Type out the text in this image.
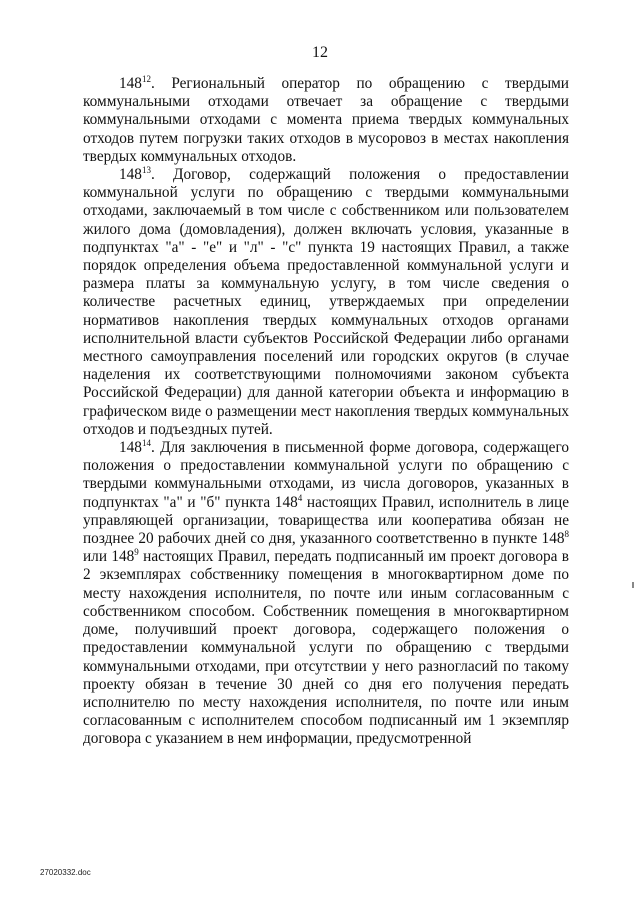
12

$148^{12}$. Региональный оператор по обращению с твердыми коммунальными отходами отвечает за обращение с твердыми коммунальными отходами с момента приема твердых коммунальных отходов путем погрузки таких отходов в мусоровоз в местах накопления твердых коммунальных отходов.

$148^{13}$. Договор, содержащий положения о предоставлении коммунальной услуги по обращению с твердыми коммунальными отходами, заключаемый в том числе с собственником или пользователем жилого дома (домовладения), должен включать условия, указанные в подпунктах "а" - "е" и "л" - "с" пункта 19 настоящих Правил, а также порядок определения объема предоставленной коммунальной услуги и размера платы за коммунальную услугу, в том числе сведения о количестве расчетных единиц, утверждаемых при определении нормативов накопления твердых коммунальных отходов органами исполнительной власти субъектов Российской Федерации либо органами местного самоуправления поселений или городских округов (в случае наделения их соответствующими полномочиями законом субъекта Российской Федерации) для данной категории объекта и информацию в графическом виде о размещении мест накопления твердых коммунальных отходов и подъездных путей.

$148^{14}$. Для заключения в письменной форме договора, содержащего положения о предоставлении коммунальной услуги по обращению с твердыми коммунальными отходами, из числа договоров, указанных в подпунктах "а" и "б" пункта $148^4$ настоящих Правил, исполнитель в лице управляющей организации, товарищества или кооператива обязан не позднее 20 рабочих дней со дня, указанного соответственно в пункте $148^8$ или $148^9$ настоящих Правил, передать подписанный им проект договора в 2 экземплярах собственнику помещения в многоквартирном доме по месту нахождения исполнителя, по почте или иным согласованным с собственником способом. Собственник помещения в многоквартирном доме, получивший проект договора, содержащего положения о предоставлении коммунальной услуги по обращению с твердыми коммунальными отходами, при отсутствии у него разногласий по такому проекту обязан в течение 30 дней со дня его получения передать исполнителю по месту нахождения исполнителя, по почте или иным согласованным с исполнителем способом подписанный им 1 экземпляр договора с указанием в нем информации, предусмотренной

27020332.doc
